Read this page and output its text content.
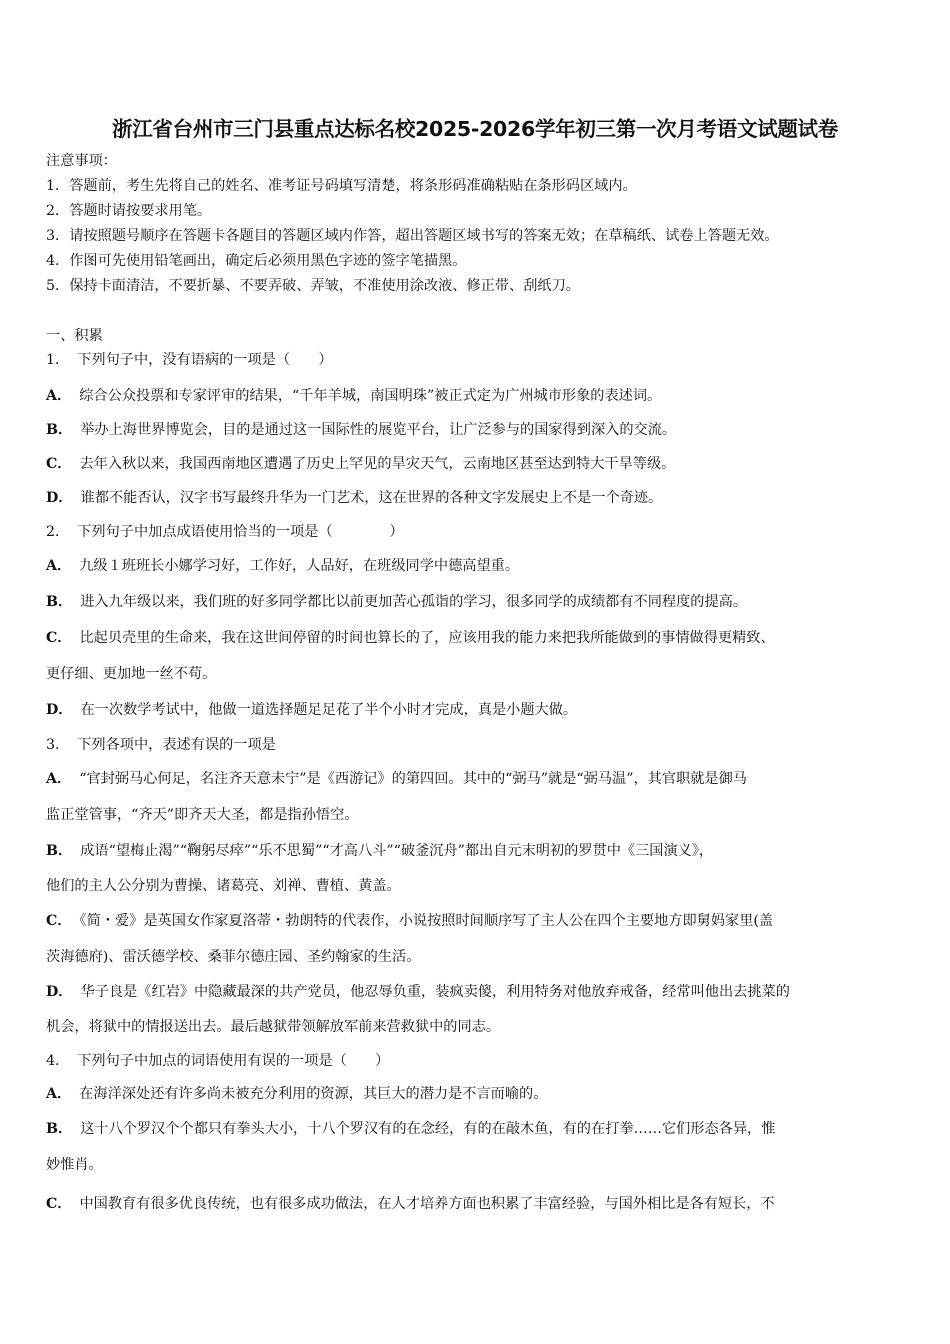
浙江省台州市三门县重点达标名校2025-2026学年初三第一次月考语文试题试卷
注意事项：
1．答题前，考生先将自己的姓名、准考证号码填写清楚，将条形码准确粘贴在条形码区域内。
2．答题时请按要求用笔。
3．请按照题号顺序在答题卡各题目的答题区域内作答，超出答题区域书写的答案无效；在草稿纸、试卷上答题无效。
4．作图可先使用铅笔画出，确定后必须用黑色字迹的签字笔描黑。
5．保持卡面清洁，不要折暴、不要弄破、弄皱，不准使用涂改液、修正带、刮纸刀。
一、积累
1． 下列句子中，没有语病的一项是（　　）
A． 综合公众投票和专家评审的结果，“千年羊城，南国明珠”被正式定为广州城市形象的表述词。
B． 举办上海世界博览会，目的是通过这一国际性的展览平台，让广泛参与的国家得到深入的交流。
C． 去年入秋以来，我国西南地区遭遇了历史上罕见的旱灾天气，云南地区甚至达到特大干旱等级。
D． 谁都不能否认，汉字书写最终升华为一门艺术，这在世界的各种文字发展史上不是一个奇迹。
2． 下列句子中加点成语使用恰当的一项是（　　　　）
A． 九级１班班长小娜学习好，工作好，人品好，在班级同学中德高望重。
B． 进入九年级以来，我们班的好多同学都比以前更加苦心孤诣的学习，很多同学的成绩都有不同程度的提高。
C． 比起贝壳里的生命来，我在这世间停留的时间也算长的了，应该用我的能力来把我所能做到的事情做得更精致、
更仔细、更加地一丝不苟。
D． 在一次数学考试中，他做一道选择题足足花了半个小时才完成，真是小题大做。
3． 下列各项中，表述有误的一项是
A． “官封弼马心何足，名注齐天意未宁”是《西游记》的第四回。其中的“弼马”就是“弼马温”，其官职就是御马
监正堂管事，“齐天”即齐天大圣，都是指孙悟空。
B． 成语“望梅止渴”“鞠躬尽瘁”“乐不思蜀”“才高八斗”“破釜沉舟”都出自元末明初的罗贯中《三国演义》，
他们的主人公分别为曹操、诸葛亮、刘禅、曹植、黄盖。
C． 《简・爱》是英国女作家夏洛蒂・勃朗特的代表作，小说按照时间顺序写了主人公在四个主要地方即舅妈家里(盖
茨海德府)、雷沃德学校、桑菲尔德庄园、圣约翰家的生活。
D． 华子良是《红岩》中隐藏最深的共产党员，他忍辱负重，装疯卖傻，利用特务对他放弃戒备，经常叫他出去挑菜的
机会，将狱中的情报送出去。最后越狱带领解放军前来营救狱中的同志。
4． 下列句子中加点的词语使用有误的一项是（　　）
A． 在海洋深处还有许多尚未被充分利用的资源，其巨大的潜力是不言而喻的。
B． 这十八个罗汉个个都只有拳头大小，十八个罗汉有的在念经，有的在敲木鱼，有的在打拳……它们形态各异，惟
妙惟肖。
C． 中国教育有很多优良传统，也有很多成功做法，在人才培养方面也积累了丰富经验，与国外相比是各有短长，不
